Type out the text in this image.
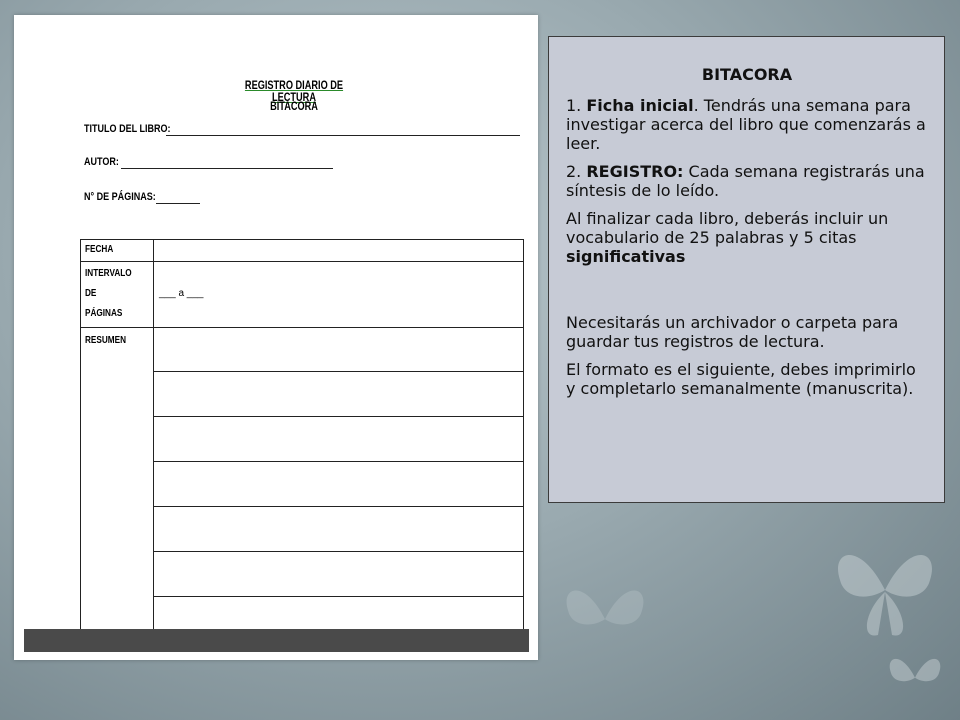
REGISTRO DIARIO DE LECTURA
BITACORA
TITULO DEL LIBRO:
AUTOR:
N° DE PÁGINAS:
FECHA
INTERVALO DE PÁGINAS
RESUMEN
___ a ___

BITACORA

1. Ficha inicial. Tendrás una semana para investigar acerca del libro que comenzarás a leer.

2. REGISTRO: Cada semana registrarás una síntesis de lo leído.

Al finalizar cada libro, deberás incluir un vocabulario de 25 palabras y 5 citas significativas

Necesitarás un archivador o carpeta para guardar tus registros de lectura.

El formato es el siguiente, debes imprimirlo y completarlo semanalmente (manuscrita).
